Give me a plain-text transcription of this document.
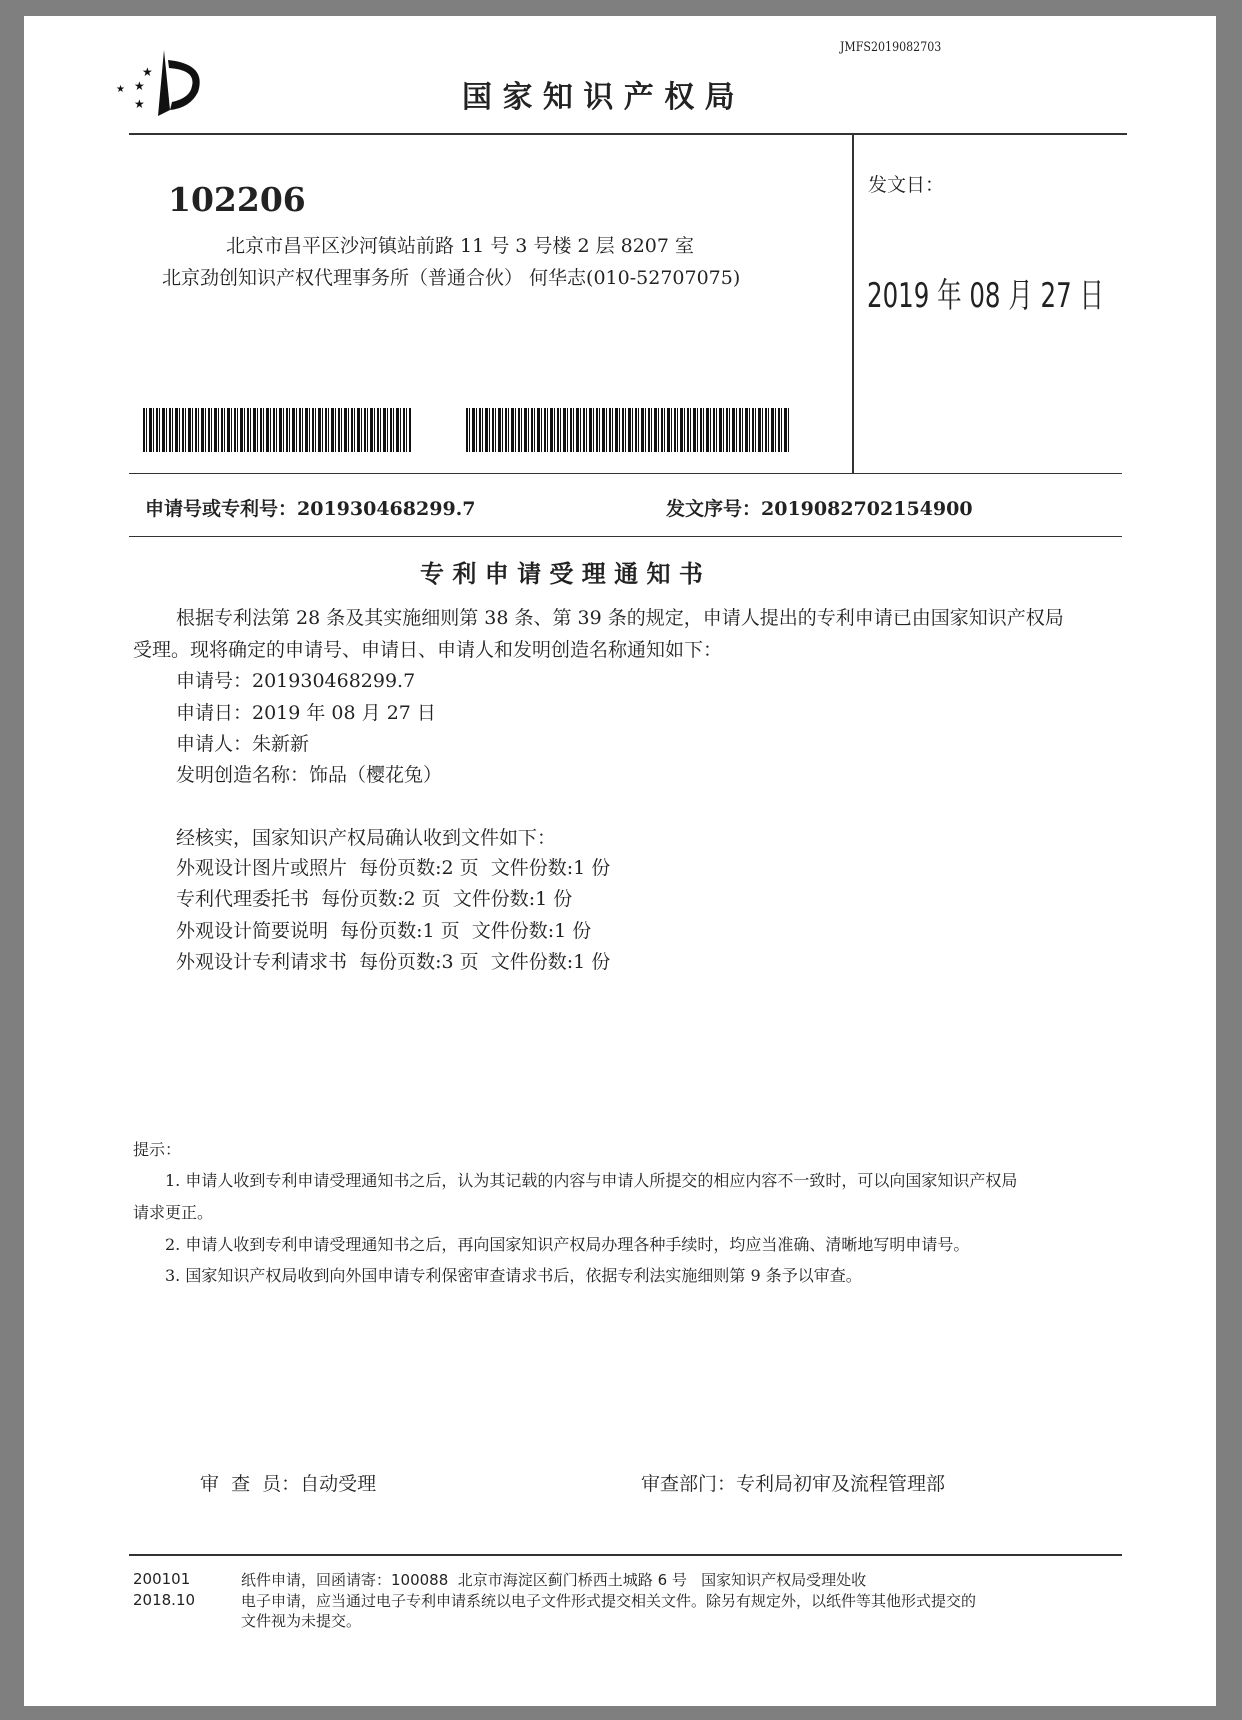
★
★
★
★
JMFS2019082703
国 家 知 识 产 权 局
102206
北京市昌平区沙河镇站前路 11 号 3 号楼 2 层 8207 室
北京劲创知识产权代理事务所（普通合伙） 何华志(010-52707075)
发文日：
2019 年 08 月 27 日
申请号或专利号：201930468299.7	发文序号：2019082702154900
专 利 申 请 受 理 通 知 书
根据专利法第 28 条及其实施细则第 38 条、第 39 条的规定，申请人提出的专利申请已由国家知识产权局
受理。现将确定的申请号、申请日、申请人和发明创造名称通知如下：
申请号：201930468299.7
申请日：2019 年 08 月 27 日
申请人：朱新新
发明创造名称：饰品（樱花兔）
经核实，国家知识产权局确认收到文件如下：
外观设计图片或照片  每份页数:2 页  文件份数:1 份
专利代理委托书  每份页数:2 页  文件份数:1 份
外观设计简要说明  每份页数:1 页  文件份数:1 份
外观设计专利请求书  每份页数:3 页  文件份数:1 份
提示：
1. 申请人收到专利申请受理通知书之后，认为其记载的内容与申请人所提交的相应内容不一致时，可以向国家知识产权局
请求更正。
2. 申请人收到专利申请受理通知书之后，再向国家知识产权局办理各种手续时，均应当准确、清晰地写明申请号。
3. 国家知识产权局收到向外国申请专利保密审查请求书后，依据专利法实施细则第 9 条予以审查。
审  查  员：自动受理	审查部门：专利局初审及流程管理部
200101
2018.10
纸件申请，回函请寄：100088  北京市海淀区蓟门桥西土城路 6 号   国家知识产权局受理处收
电子申请，应当通过电子专利申请系统以电子文件形式提交相关文件。除另有规定外，以纸件等其他形式提交的
文件视为未提交。
